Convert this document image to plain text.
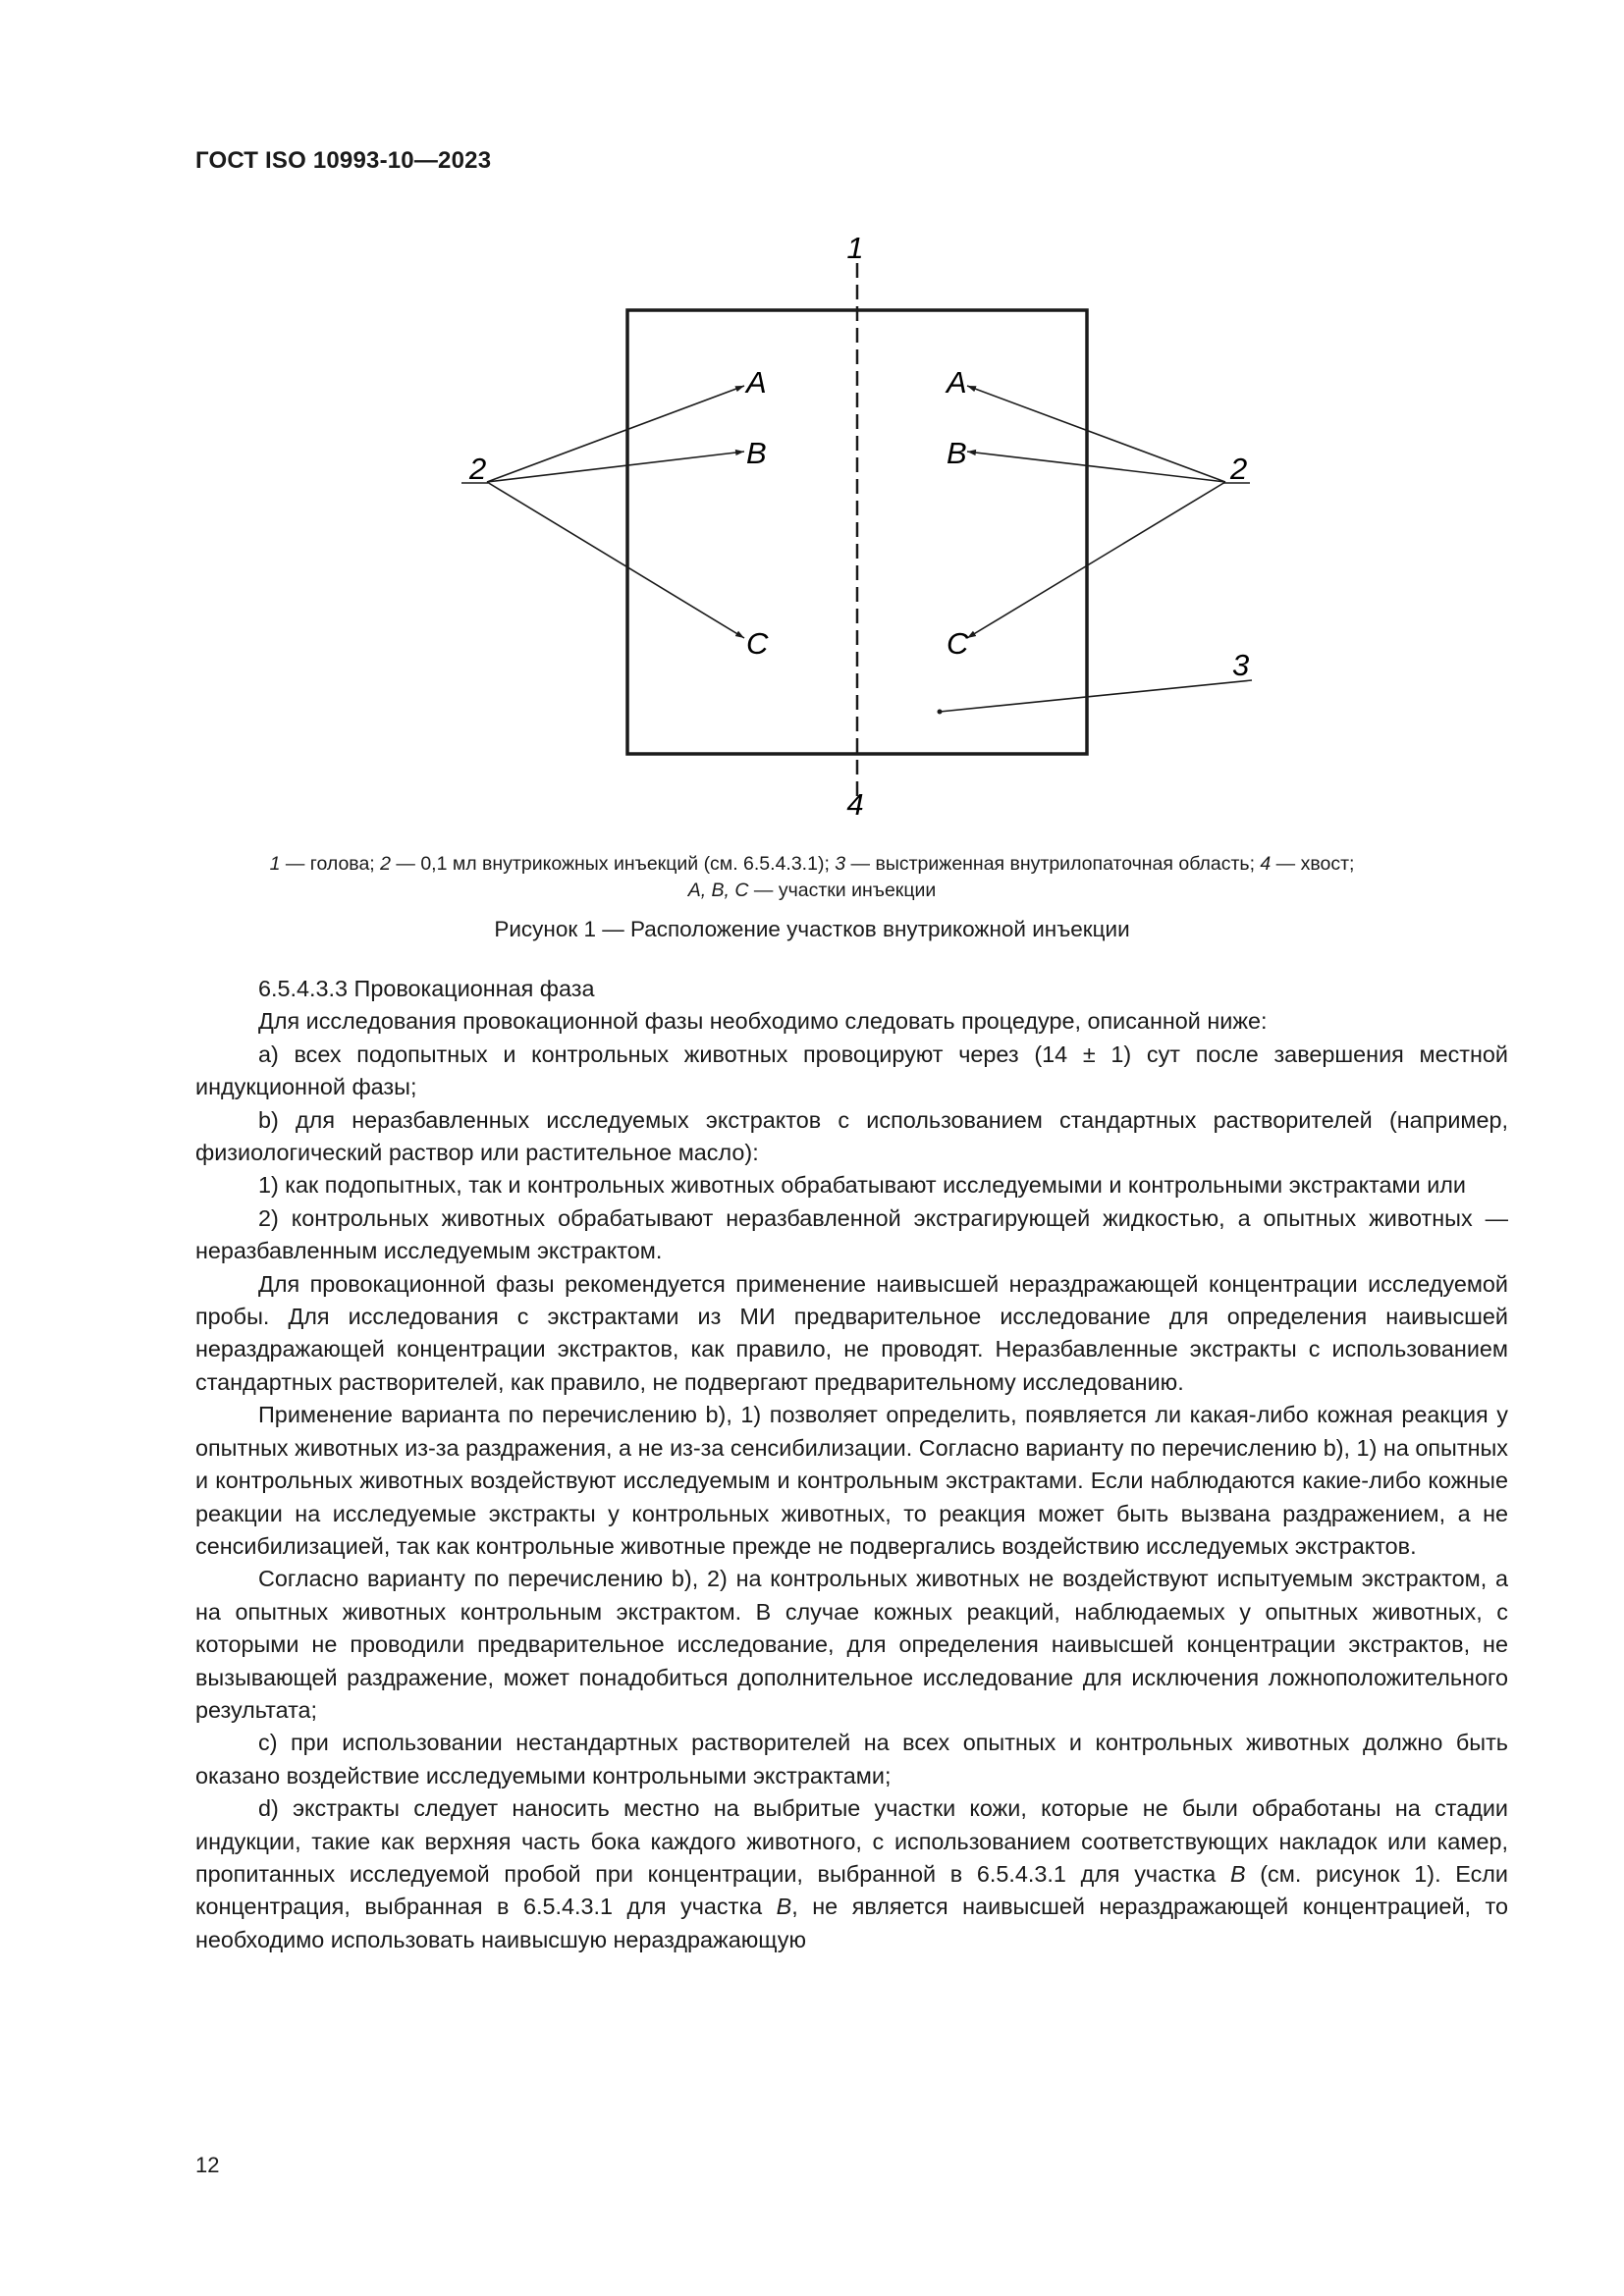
ГОСТ ISO 10993-10—2023
1
4
2	2
A
B
C
A
B
C
3
1 — голова; 2 — 0,1 мл внутрикожных инъекций (см. 6.5.4.3.1); 3 — выстриженная внутрилопаточная область; 4 — хвост;
A, B, C — участки инъекции
Рисунок 1 — Расположение участков внутрикожной инъекции

6.5.4.3.3 Провокационная фаза

Для исследования провокационной фазы необходимо следовать процедуре, описанной ниже:

a) всех подопытных и контрольных животных провоцируют через (14 ± 1) сут после завершения местной индукционной фазы;

b) для неразбавленных исследуемых экстрактов с использованием стандартных растворителей (например, физиологический раствор или растительное масло):

1) как подопытных, так и контрольных животных обрабатывают исследуемыми и контрольными экстрактами или

2) контрольных животных обрабатывают неразбавленной экстрагирующей жидкостью, а опытных животных — неразбавленным исследуемым экстрактом.

Для провокационной фазы рекомендуется применение наивысшей нераздражающей концентрации исследуемой пробы. Для исследования с экстрактами из МИ предварительное исследование для определения наивысшей нераздражающей концентрации экстрактов, как правило, не проводят. Неразбавленные экстракты с использованием стандартных растворителей, как правило, не подвергают предварительному исследованию.

Применение варианта по перечислению b), 1) позволяет определить, появляется ли какая-либо кожная реакция у опытных животных из-за раздражения, а не из-за сенсибилизации. Согласно варианту по перечислению b), 1) на опытных и контрольных животных воздействуют исследуемым и контрольным экстрактами. Если наблюдаются какие-либо кожные реакции на исследуемые экстракты у контрольных животных, то реакция может быть вызвана раздражением, а не сенсибилизацией, так как контрольные животные прежде не подвергались воздействию исследуемых экстрактов.

Согласно варианту по перечислению b), 2) на контрольных животных не воздействуют испытуемым экстрактом, а на опытных животных контрольным экстрактом. В случае кожных реакций, наблюдаемых у опытных животных, с которыми не проводили предварительное исследование, для определения наивысшей концентрации экстрактов, не вызывающей раздражение, может понадобиться дополнительное исследование для исключения ложноположительного результата;

c) при использовании нестандартных растворителей на всех опытных и контрольных животных должно быть оказано воздействие исследуемыми контрольными экстрактами;

d) экстракты следует наносить местно на выбритые участки кожи, которые не были обработаны на стадии индукции, такие как верхняя часть бока каждого животного, с использованием соответствующих накладок или камер, пропитанных исследуемой пробой при концентрации, выбранной в 6.5.4.3.1 для участка B (см. рисунок 1). Если концентрация, выбранная в 6.5.4.3.1 для участка B, не является наивысшей нераздражающей концентрацией, то необходимо использовать наивысшую нераздражающую

12
